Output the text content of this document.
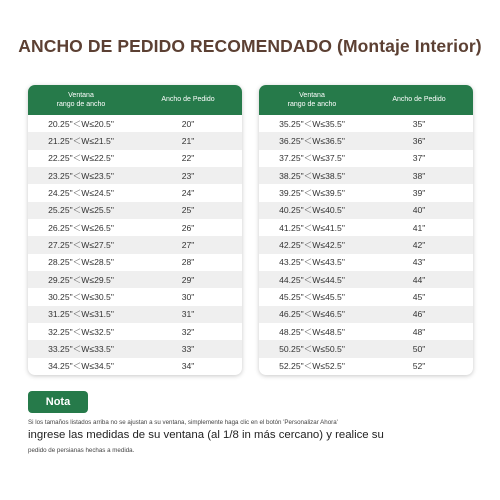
ANCHO DE PEDIDO RECOMENDADO (Montaje Interior)
Ventana
rango de ancho
Ancho de Pedido
20.25"＜W≤20.5"	20"
21.25"＜W≤21.5"	21"
22.25"＜W≤22.5"	22"
23.25"＜W≤23.5"	23"
24.25"＜W≤24.5"	24"
25.25"＜W≤25.5"	25"
26.25"＜W≤26.5"	26"
27.25"＜W≤27.5"	27"
28.25"＜W≤28.5"	28"
29.25"＜W≤29.5"	29"
30.25"＜W≤30.5"	30"
31.25"＜W≤31.5"	31"
32.25"＜W≤32.5"	32"
33.25"＜W≤33.5"	33"
34.25"＜W≤34.5"	34"
Ventana
rango de ancho
Ancho de Pedido
35.25"＜W≤35.5"	35"
36.25"＜W≤36.5"	36"
37.25"＜W≤37.5"	37"
38.25"＜W≤38.5"	38"
39.25"＜W≤39.5"	39"
40.25"＜W≤40.5"	40"
41.25"＜W≤41.5"	41"
42.25"＜W≤42.5"	42"
43.25"＜W≤43.5"	43"
44.25"＜W≤44.5"	44"
45.25"＜W≤45.5"	45"
46.25"＜W≤46.5"	46"
48.25"＜W≤48.5"	48"
50.25"＜W≤50.5"	50"
52.25"＜W≤52.5"	52"
Nota
Si los tamaños listados arriba no se ajustan a su ventana, simplemente haga clic en el botón 'Personalizar Ahora'
ingrese las medidas de su ventana (al 1/8 in más cercano) y realice su
pedido de persianas hechas a medida.
